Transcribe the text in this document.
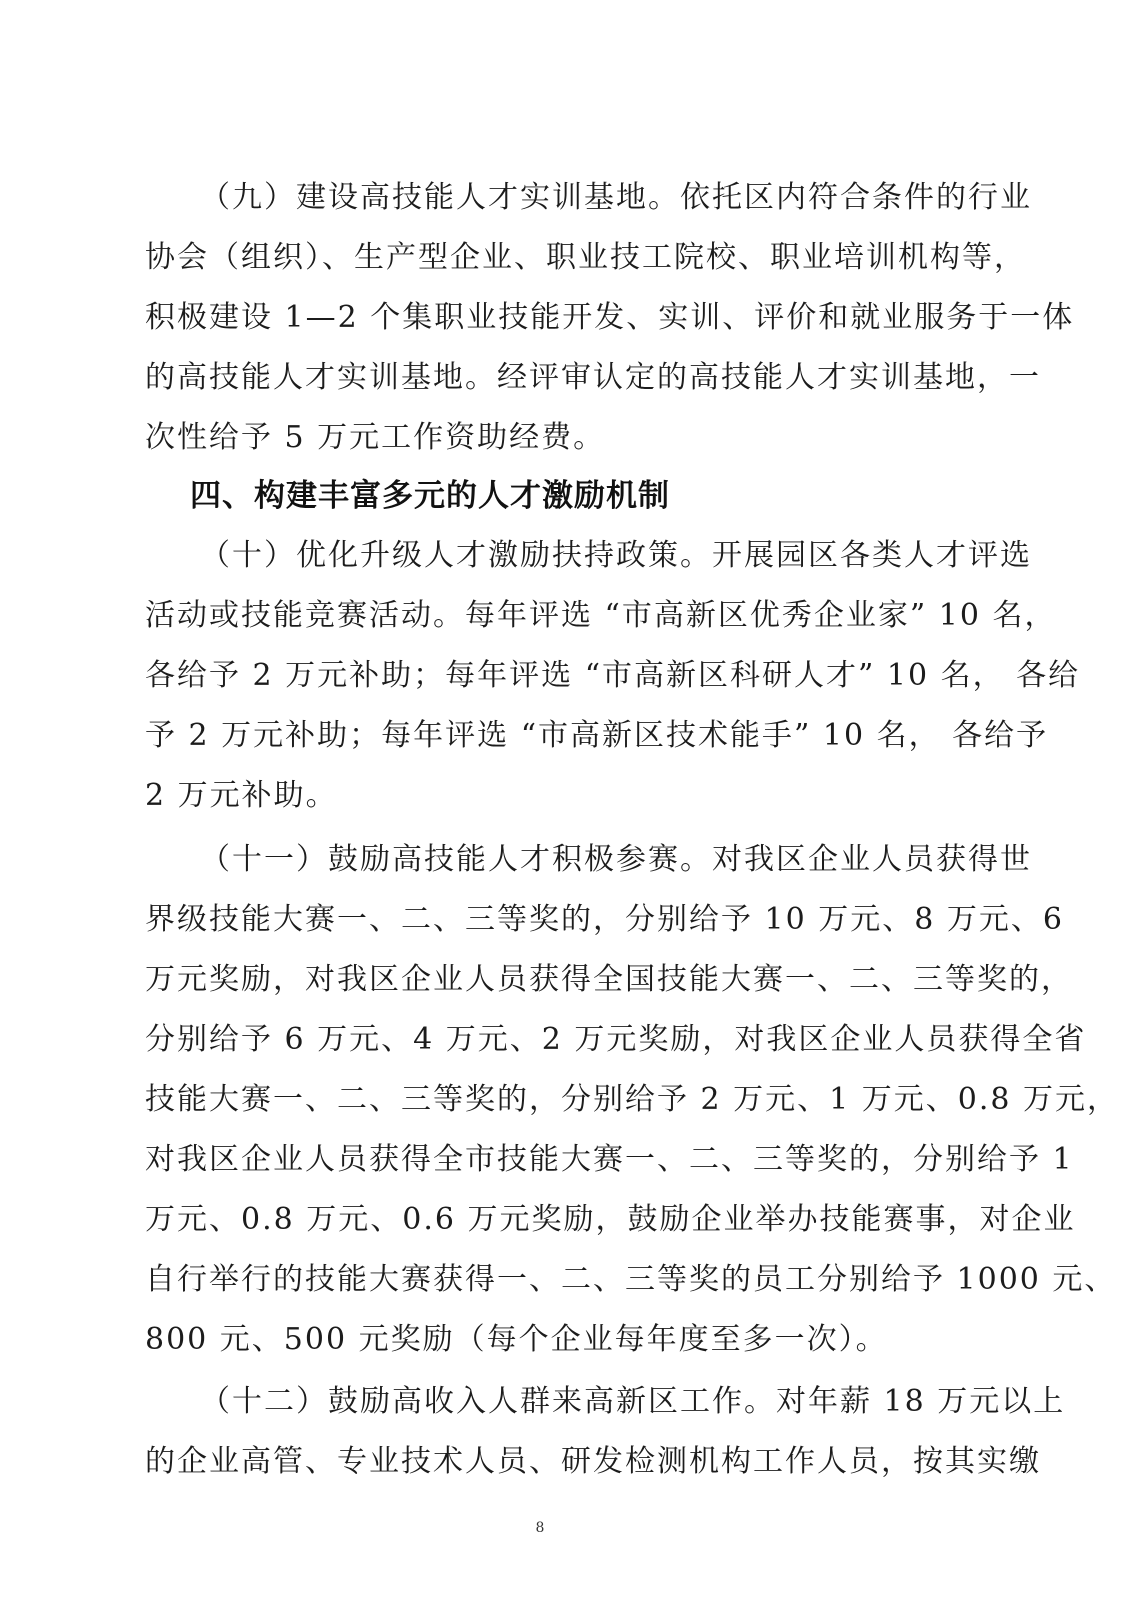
（九）建设高技能人才实训基地。依托区内符合条件的行业
协会（组织）、生产型企业、职业技工院校、职业培训机构等，
积极建设 1—2 个集职业技能开发、实训、评价和就业服务于一体
的高技能人才实训基地。经评审认定的高技能人才实训基地，一
次性给予 5 万元工作资助经费。
四、构建丰富多元的人才激励机制
（十）优化升级人才激励扶持政策。开展园区各类人才评选
活动或技能竞赛活动。每年评选 “市高新区优秀企业家” 10 名，
各给予 2 万元补助；每年评选 “市高新区科研人才” 10 名， 各给
予 2 万元补助；每年评选 “市高新区技术能手” 10 名， 各给予
2 万元补助。
（十一）鼓励高技能人才积极参赛。对我区企业人员获得世
界级技能大赛一、二、三等奖的，分别给予 10 万元、8 万元、6
万元奖励，对我区企业人员获得全国技能大赛一、二、三等奖的，
分别给予 6 万元、4 万元、2 万元奖励，对我区企业人员获得全省
技能大赛一、二、三等奖的，分别给予 2 万元、1 万元、0.8 万元，
对我区企业人员获得全市技能大赛一、二、三等奖的，分别给予 1
万元、0.8 万元、0.6 万元奖励，鼓励企业举办技能赛事，对企业
自行举行的技能大赛获得一、二、三等奖的员工分别给予 1000 元、
800 元、500 元奖励（每个企业每年度至多一次）。
（十二）鼓励高收入人群来高新区工作。对年薪 18 万元以上
的企业高管、专业技术人员、研发检测机构工作人员，按其实缴
8
